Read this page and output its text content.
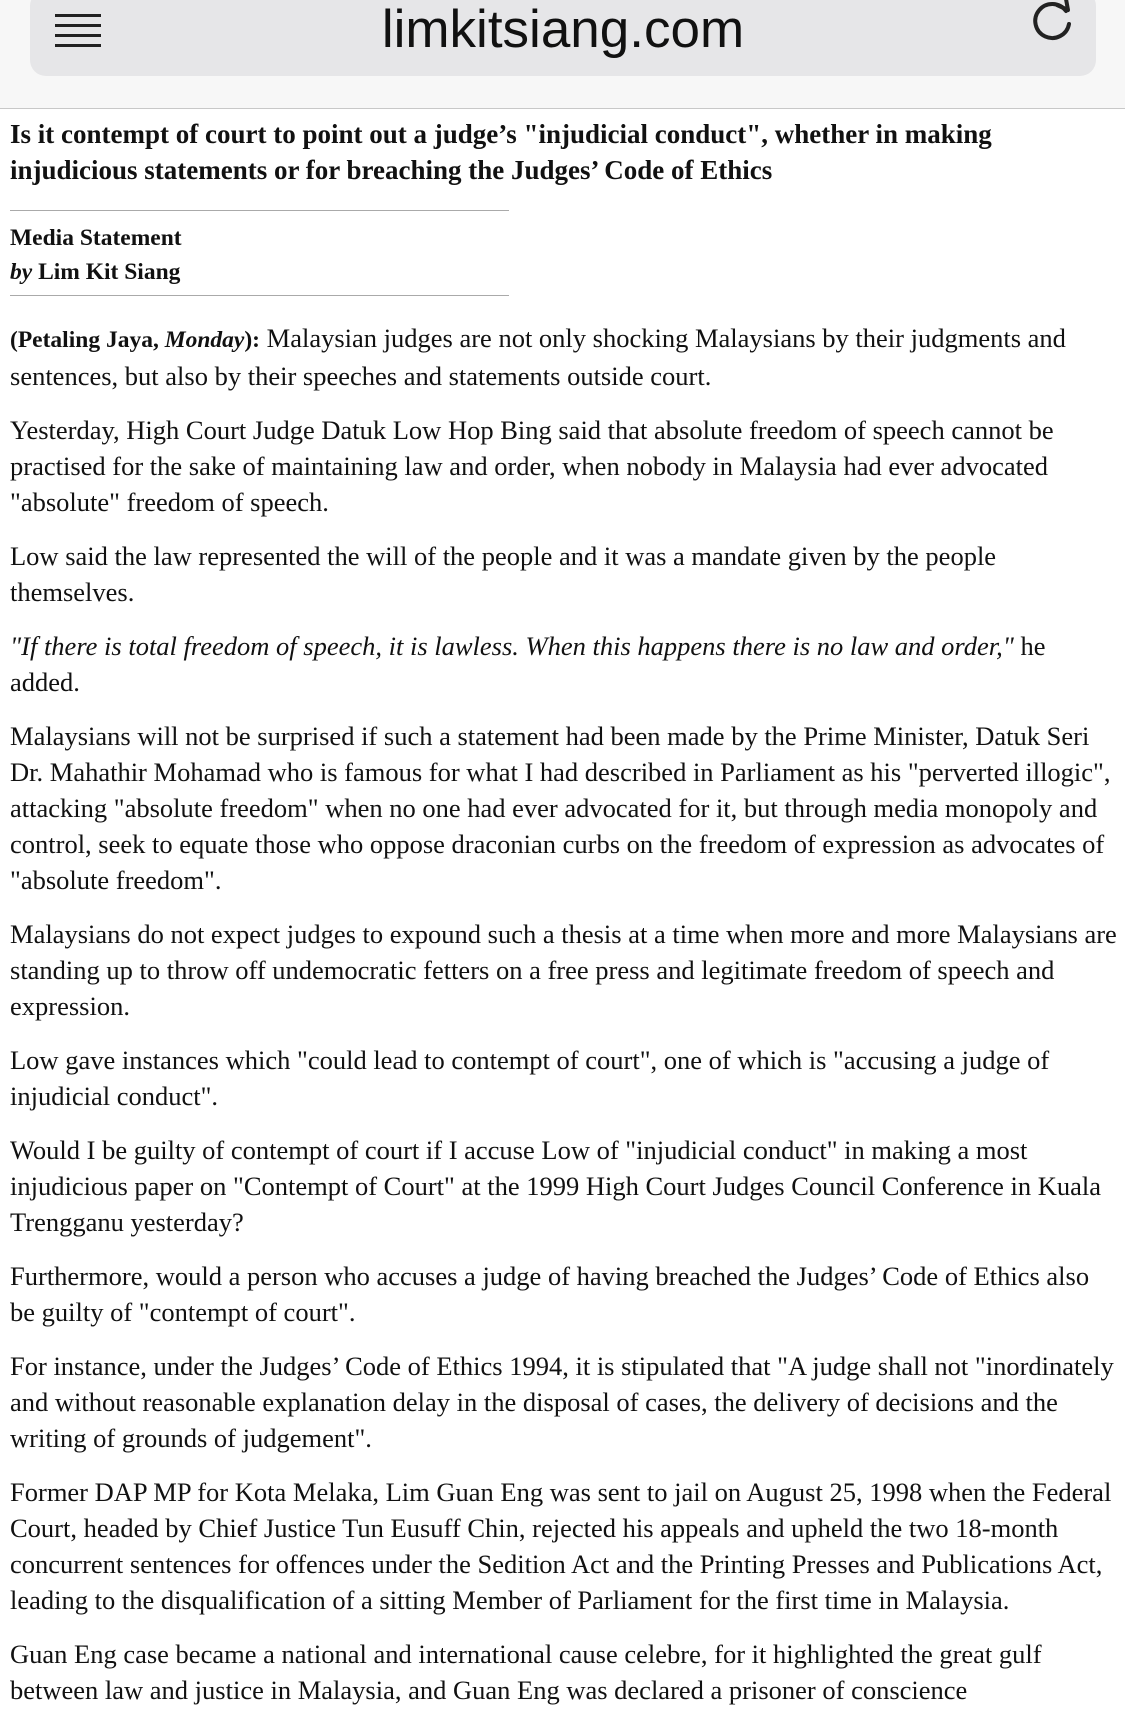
limkitsiang.com
Is it contempt of court to point out a judge’s "injudicial conduct", whether in making injudicious statements or for breaching the Judges’ Code of Ethics
Media Statement
by Lim Kit Siang

(Petaling Jaya, Monday): Malaysian judges are not only shocking Malaysians by their judgments and sentences, but also by their speeches and statements outside court.

Yesterday, High Court Judge Datuk Low Hop Bing said that absolute freedom of speech cannot be practised for the sake of maintaining law and order, when nobody in Malaysia had ever advocated "absolute" freedom of speech.

Low said the law represented the will of the people and it was a mandate given by the people themselves.

"If there is total freedom of speech, it is lawless. When this happens there is no law and order," he added.

Malaysians will not be surprised if such a statement had been made by the Prime Minister, Datuk Seri Dr. Mahathir Mohamad who is famous for what I had described in Parliament as his "perverted illogic", attacking "absolute freedom" when no one had ever advocated for it, but through media monopoly and control, seek to equate those who oppose draconian curbs on the freedom of expression as advocates of "absolute freedom".

Malaysians do not expect judges to expound such a thesis at a time when more and more Malaysians are standing up to throw off undemocratic fetters on a free press and legitimate freedom of speech and expression.

Low gave instances which "could lead to contempt of court", one of which is "accusing a judge of injudicial conduct".

Would I be guilty of contempt of court if I accuse Low of "injudicial conduct" in making a most injudicious paper on "Contempt of Court" at the 1999 High Court Judges Council Conference in Kuala Trengganu yesterday?

Furthermore, would a person who accuses a judge of having breached the Judges’ Code of Ethics also be guilty of "contempt of court".

For instance, under the Judges’ Code of Ethics 1994, it is stipulated that "A judge shall not "inordinately and without reasonable explanation delay in the disposal of cases, the delivery of decisions and the writing of grounds of judgement".

Former DAP MP for Kota Melaka, Lim Guan Eng was sent to jail on August 25, 1998 when the Federal Court, headed by Chief Justice Tun Eusuff Chin, rejected his appeals and upheld the two 18-month concurrent sentences for offences under the Sedition Act and the Printing Presses and Publications Act, leading to the disqualification of a sitting Member of Parliament for the first time in Malaysia.

Guan Eng case became a national and international cause celebre, for it highlighted the great gulf between law and justice in Malaysia, and Guan Eng was declared a prisoner of conscience
